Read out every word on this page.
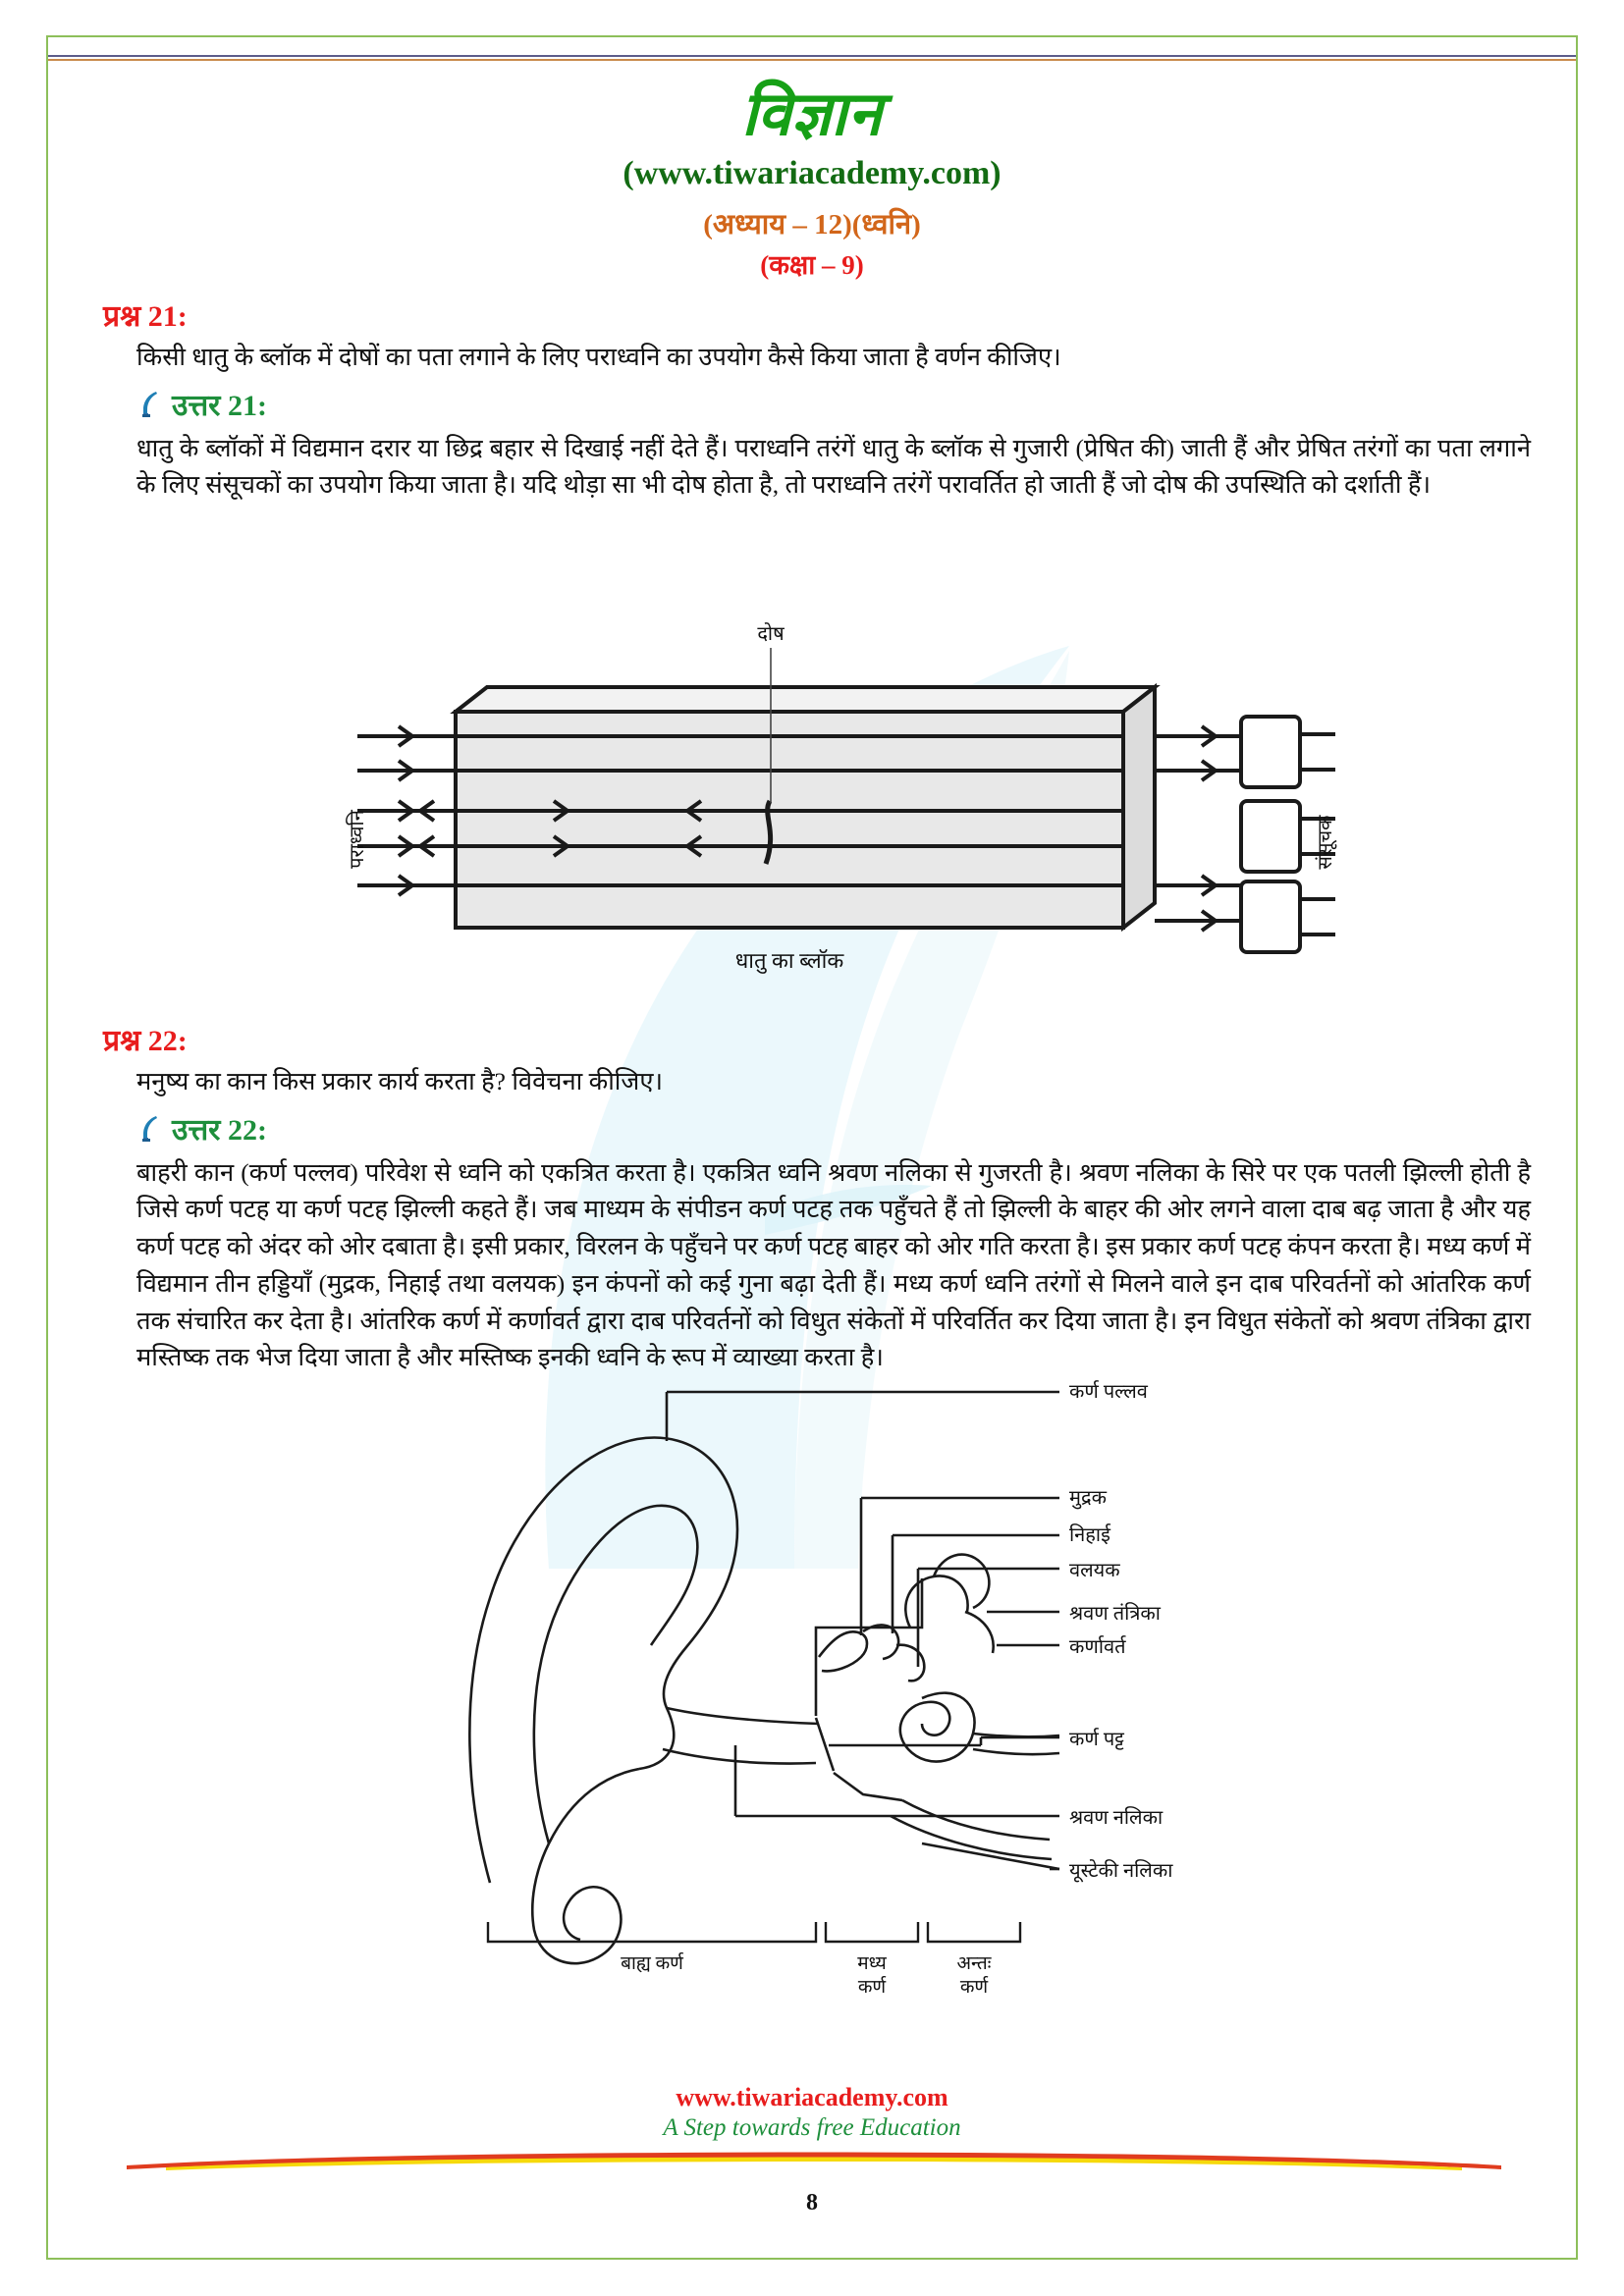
विज्ञान
(www.tiwariacademy.com)
(अध्याय – 12)(ध्वनि)
(कक्षा – 9)
प्रश्न 21:
किसी धातु के ब्लॉक में दोषों का पता लगाने के लिए पराध्वनि का उपयोग कैसे किया जाता है वर्णन कीजिए।
उत्तर 21:
धातु के ब्लॉकों में विद्यमान दरार या छिद्र बहार से दिखाई नहीं देते हैं। पराध्वनि तरंगें धातु के ब्लॉक से गुजारी (प्रेषित की) जाती हैं और प्रेषित तरंगों का पता लगाने के लिए संसूचकों का उपयोग किया जाता है। यदि थोड़ा सा भी दोष होता है, तो पराध्वनि तरंगें परावर्तित हो जाती हैं जो दोष की उपस्थिति को दर्शाती हैं।
दोष
पराध्वनि	संसूचक
धातु का ब्लॉक
प्रश्न 22:
मनुष्य का कान किस प्रकार कार्य करता है? विवेचना कीजिए।
उत्तर 22:
बाहरी कान (कर्ण पल्लव) परिवेश से ध्वनि को एकत्रित करता है। एकत्रित ध्वनि श्रवण नलिका से गुजरती है। श्रवण नलिका के सिरे पर एक पतली झिल्ली होती है जिसे कर्ण पटह या कर्ण पटह झिल्ली कहते हैं। जब माध्यम के संपीडन कर्ण पटह तक पहुँचते हैं तो झिल्ली के बाहर की ओर लगने वाला दाब बढ़ जाता है और यह कर्ण पटह को अंदर को ओर दबाता है। इसी प्रकार, विरलन के पहुँचने पर कर्ण पटह बाहर को ओर गति करता है। इस प्रकार कर्ण पटह कंपन करता है। मध्य कर्ण में विद्यमान तीन हड्डियाँ (मुद्रक, निहाई तथा वलयक) इन कंपनों को कई गुना बढ़ा देती हैं। मध्य कर्ण ध्वनि तरंगों से मिलने वाले इन दाब परिवर्तनों को आंतरिक कर्ण तक संचारित कर देता है। आंतरिक कर्ण में कर्णावर्त द्वारा दाब परिवर्तनों को विधुत संकेतों में परिवर्तित कर दिया जाता है। इन विधुत संकेतों को श्रवण तंत्रिका द्वारा मस्तिष्क तक भेज दिया जाता है और मस्तिष्क इनकी ध्वनि के रूप में व्याख्या करता है।
कर्ण पल्लव
मुद्रक
निहाई
वलयक
श्रवण तंत्रिका
कर्णावर्त
कर्ण पट्ट
श्रवण नलिका
यूस्टेकी नलिका
बाह्य कर्ण	मध्य
कर्ण
अन्तः
कर्ण
www.tiwariacademy.com
A Step towards free Education
8
